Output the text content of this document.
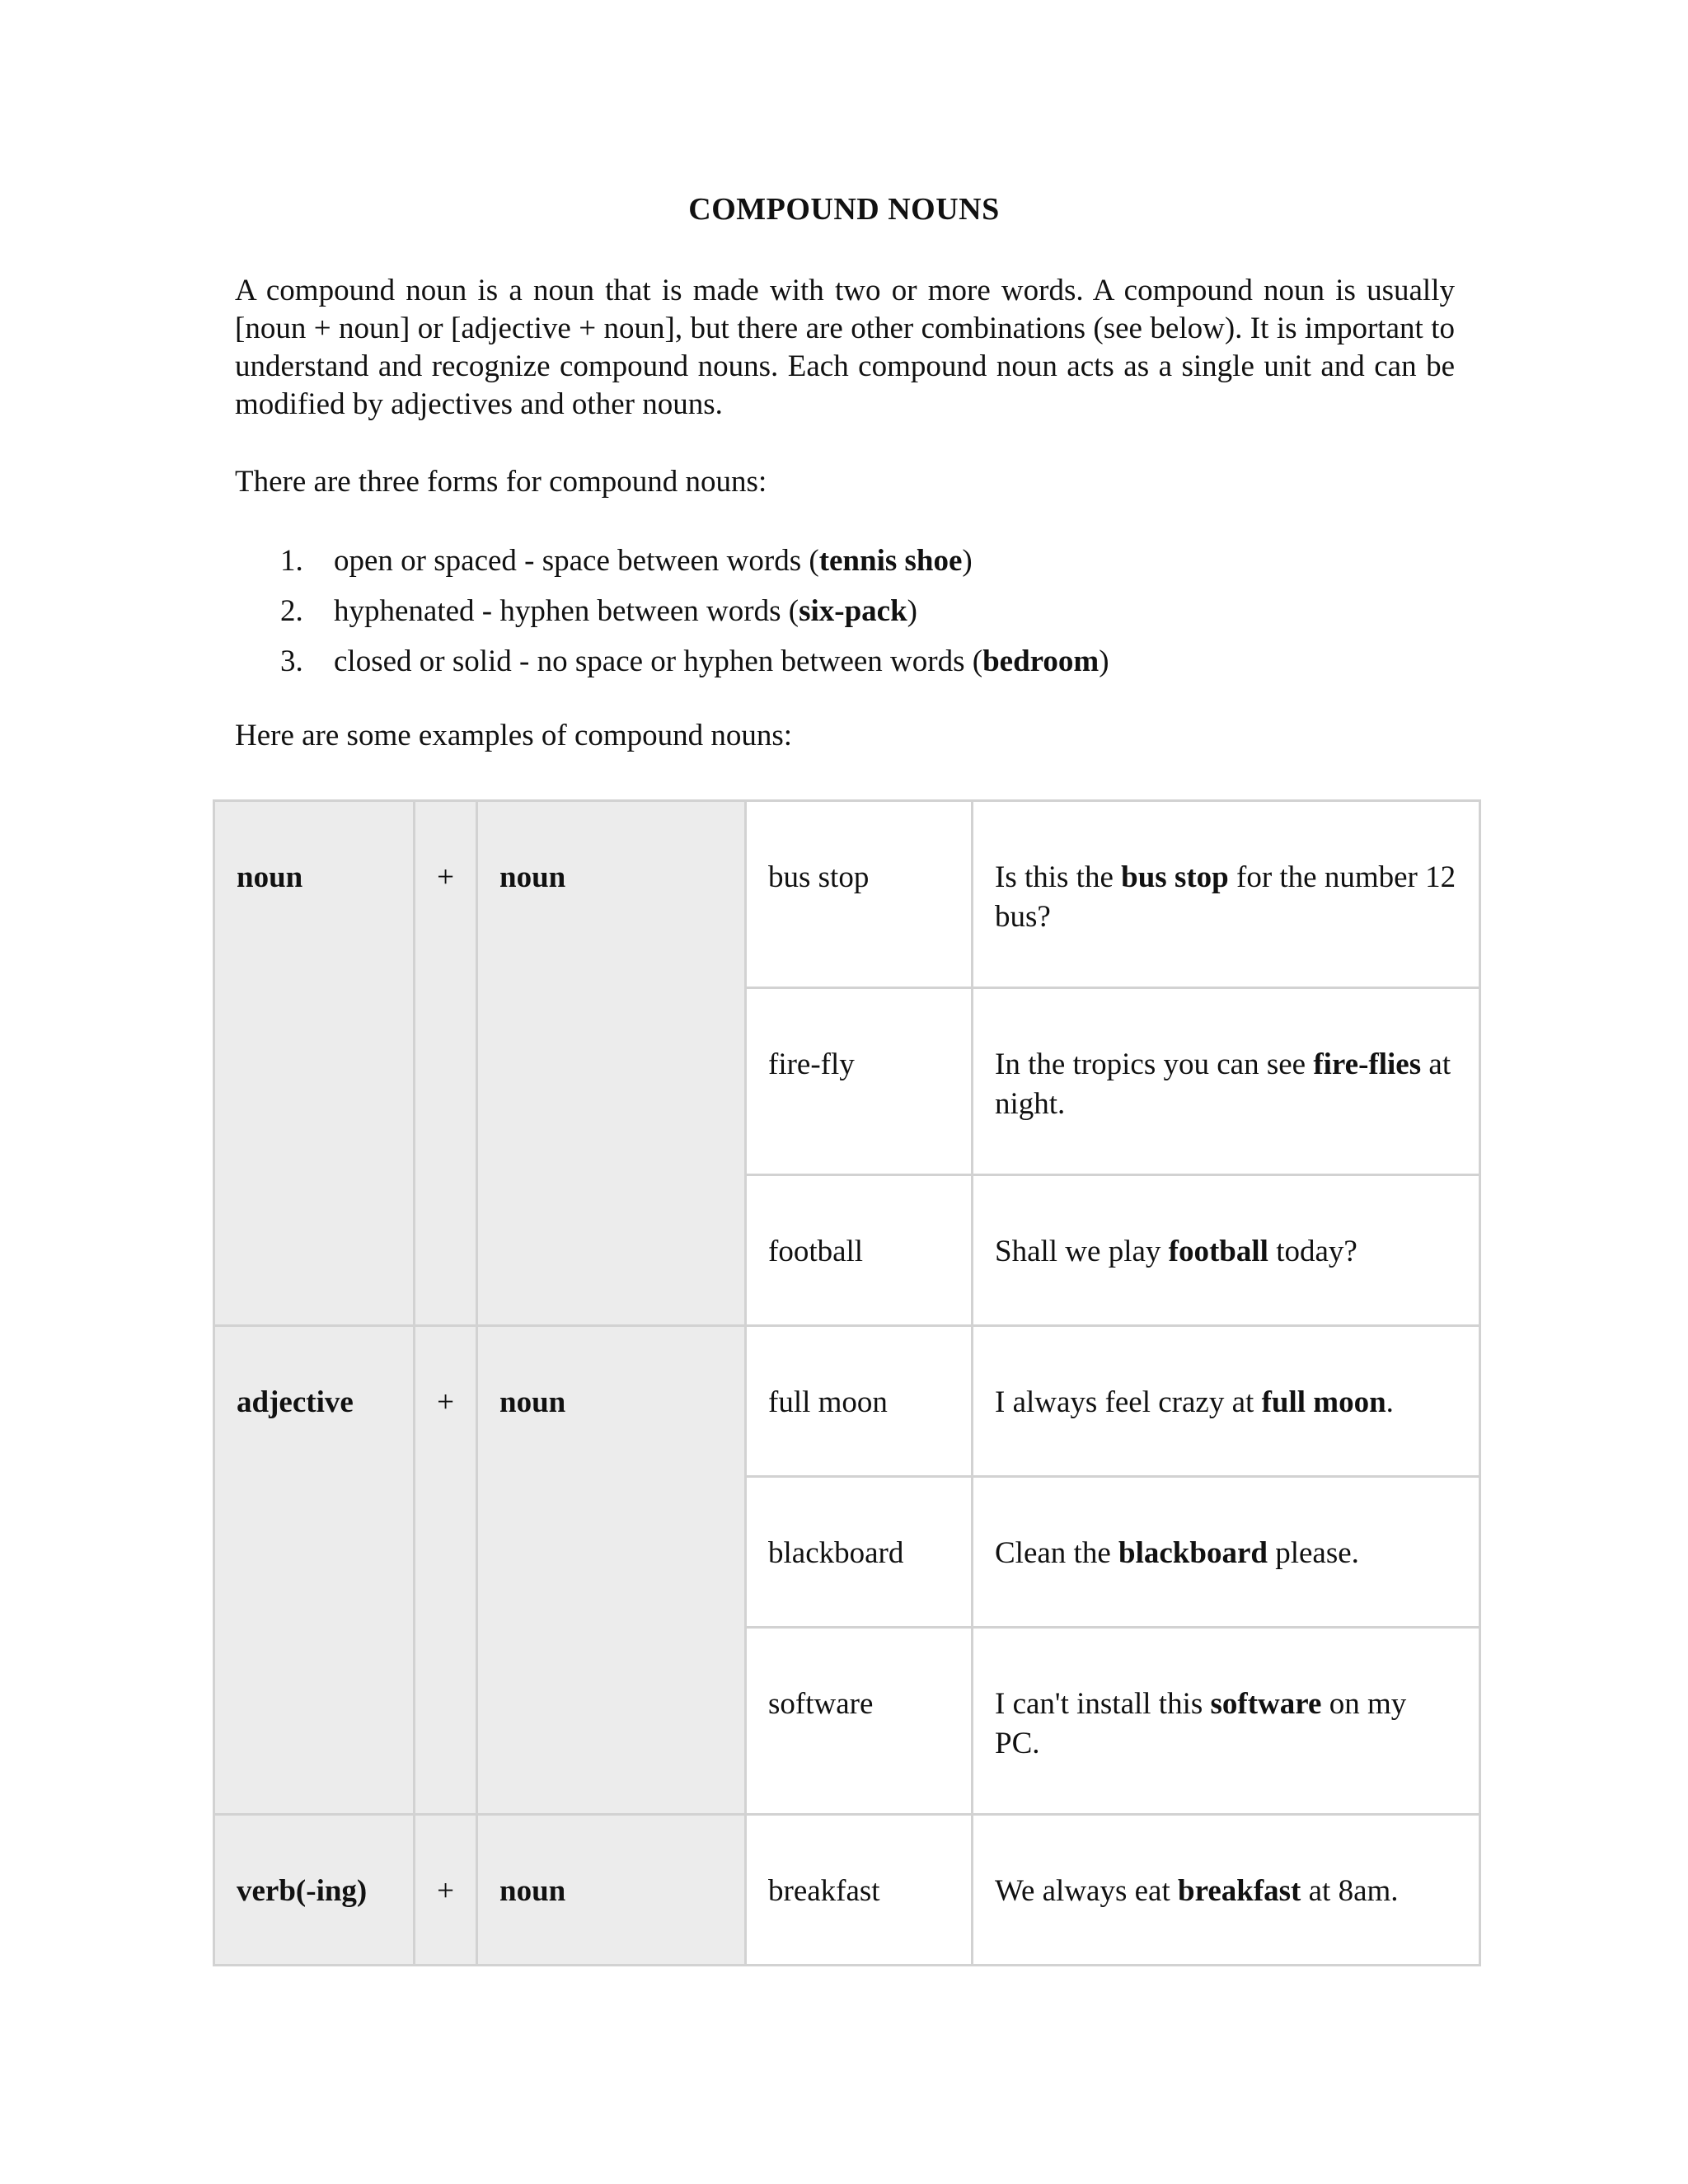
COMPOUND NOUNS
A compound noun is a noun that is made with two or more words. A compound noun is usually [noun + noun] or [adjective + noun], but there are other combinations (see below). It is important to understand and recognize compound nouns. Each compound noun acts as a single unit and can be modified by adjectives and other nouns.
There are three forms for compound nouns:
1.	open or spaced - space between words (tennis shoe)
2.	hyphenated - hyphen between words (six-pack)
3.	closed or solid - no space or hyphen between words (bedroom)
Here are some examples of compound nouns:
noun	+	noun	bus stop	Is this the bus stop for the number 12 bus?
			fire-fly	In the tropics you can see fire-flies at night.
			football	Shall we play football today?
adjective	+	noun	full moon	I always feel crazy at full moon.
			blackboard	Clean the blackboard please.
			software	I can't install this software on my PC.
verb(-ing)	+	noun	breakfast	We always eat breakfast at 8am.
